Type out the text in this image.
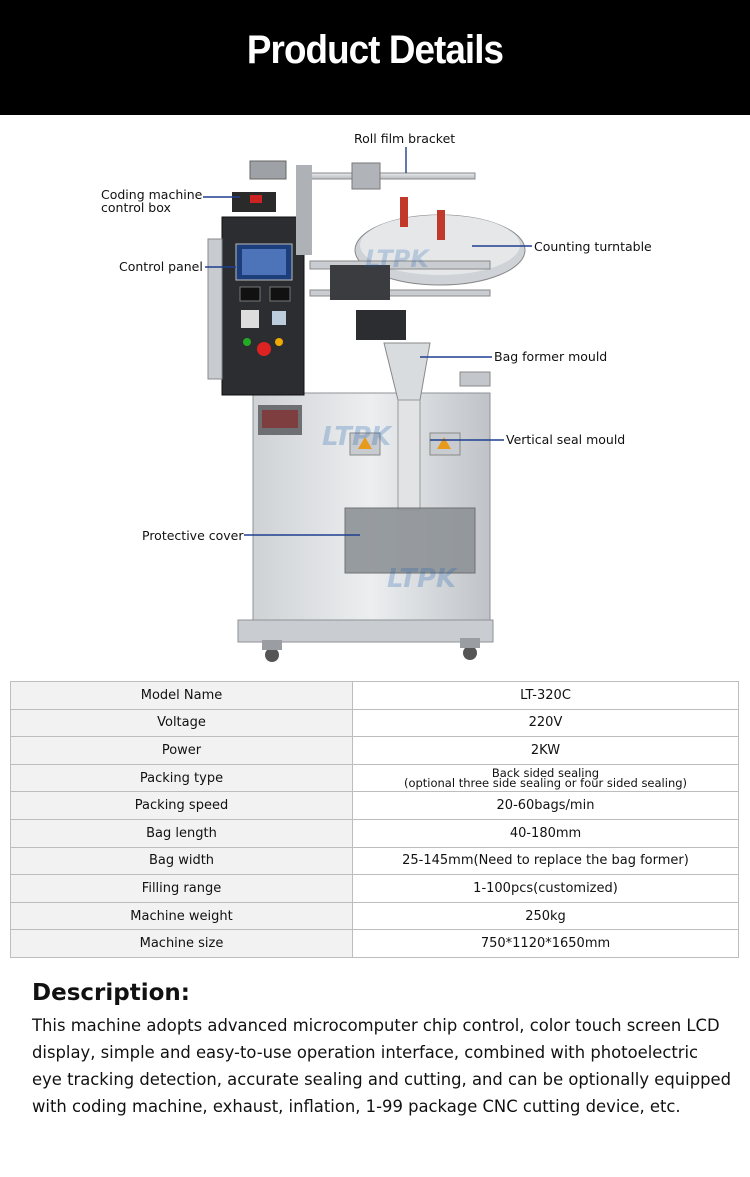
Product Details
LTPK
LTPK
LTPK
Roll film bracket
Coding machine
control box
Counting turntable
Control panel
Bag former mould
Vertical seal mould
Protective cover
Model Name	LT-320C
Voltage	220V
Power	2KW
Packing type	Back sided sealing
(optional three side sealing or four sided sealing)

Packing speed	20-60bags/min
Bag length	40-180mm
Bag width	25-145mm(Need to replace the bag former)
Filling range	1-100pcs(customized)
Machine weight	250kg
Machine size	750*1120*1650mm
Description:

This machine adopts advanced microcomputer chip control, color touch screen LCD display, simple and easy-to-use operation interface, combined with photoelectric eye tracking detection, accurate sealing and cutting, and can be optionally equipped with coding machine, exhaust, inflation, 1-99 package CNC cutting device, etc.
